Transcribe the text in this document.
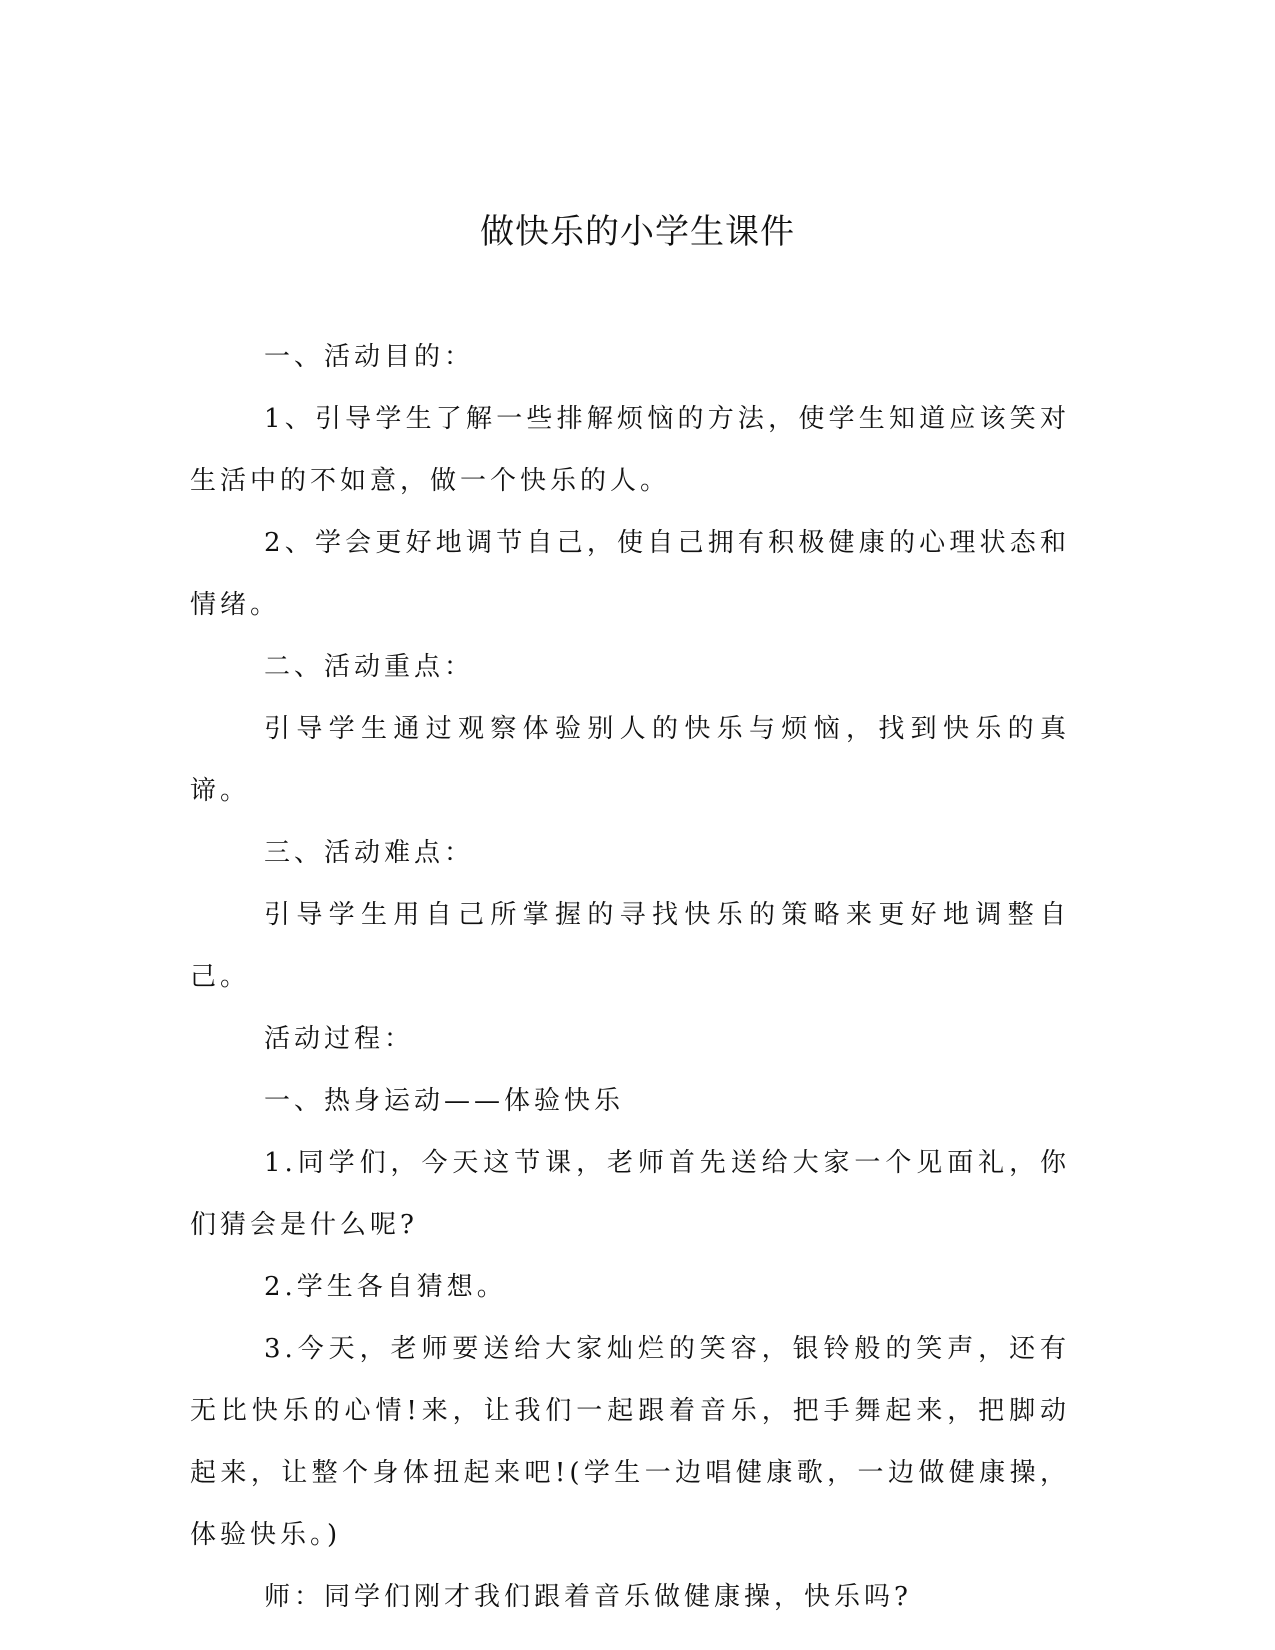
做快乐的小学生课件

一、活动目的：

1、引导学生了解一些排解烦恼的方法，使学生知道应该笑对生活中的不如意，做一个快乐的人。

2、学会更好地调节自己，使自己拥有积极健康的心理状态和情绪。

二、活动重点：

引导学生通过观察体验别人的快乐与烦恼，找到快乐的真谛。

三、活动难点：

引导学生用自己所掌握的寻找快乐的策略来更好地调整自己。

活动过程：

一、热身运动——体验快乐

1.同学们，今天这节课，老师首先送给大家一个见面礼，你们猜会是什么呢?

2.学生各自猜想。

3.今天，老师要送给大家灿烂的笑容，银铃般的笑声，还有无比快乐的心情!来，让我们一起跟着音乐，把手舞起来，把脚动起来，让整个身体扭起来吧!(学生一边唱健康歌，一边做健康操，体验快乐。)

师：同学们刚才我们跟着音乐做健康操，快乐吗?
